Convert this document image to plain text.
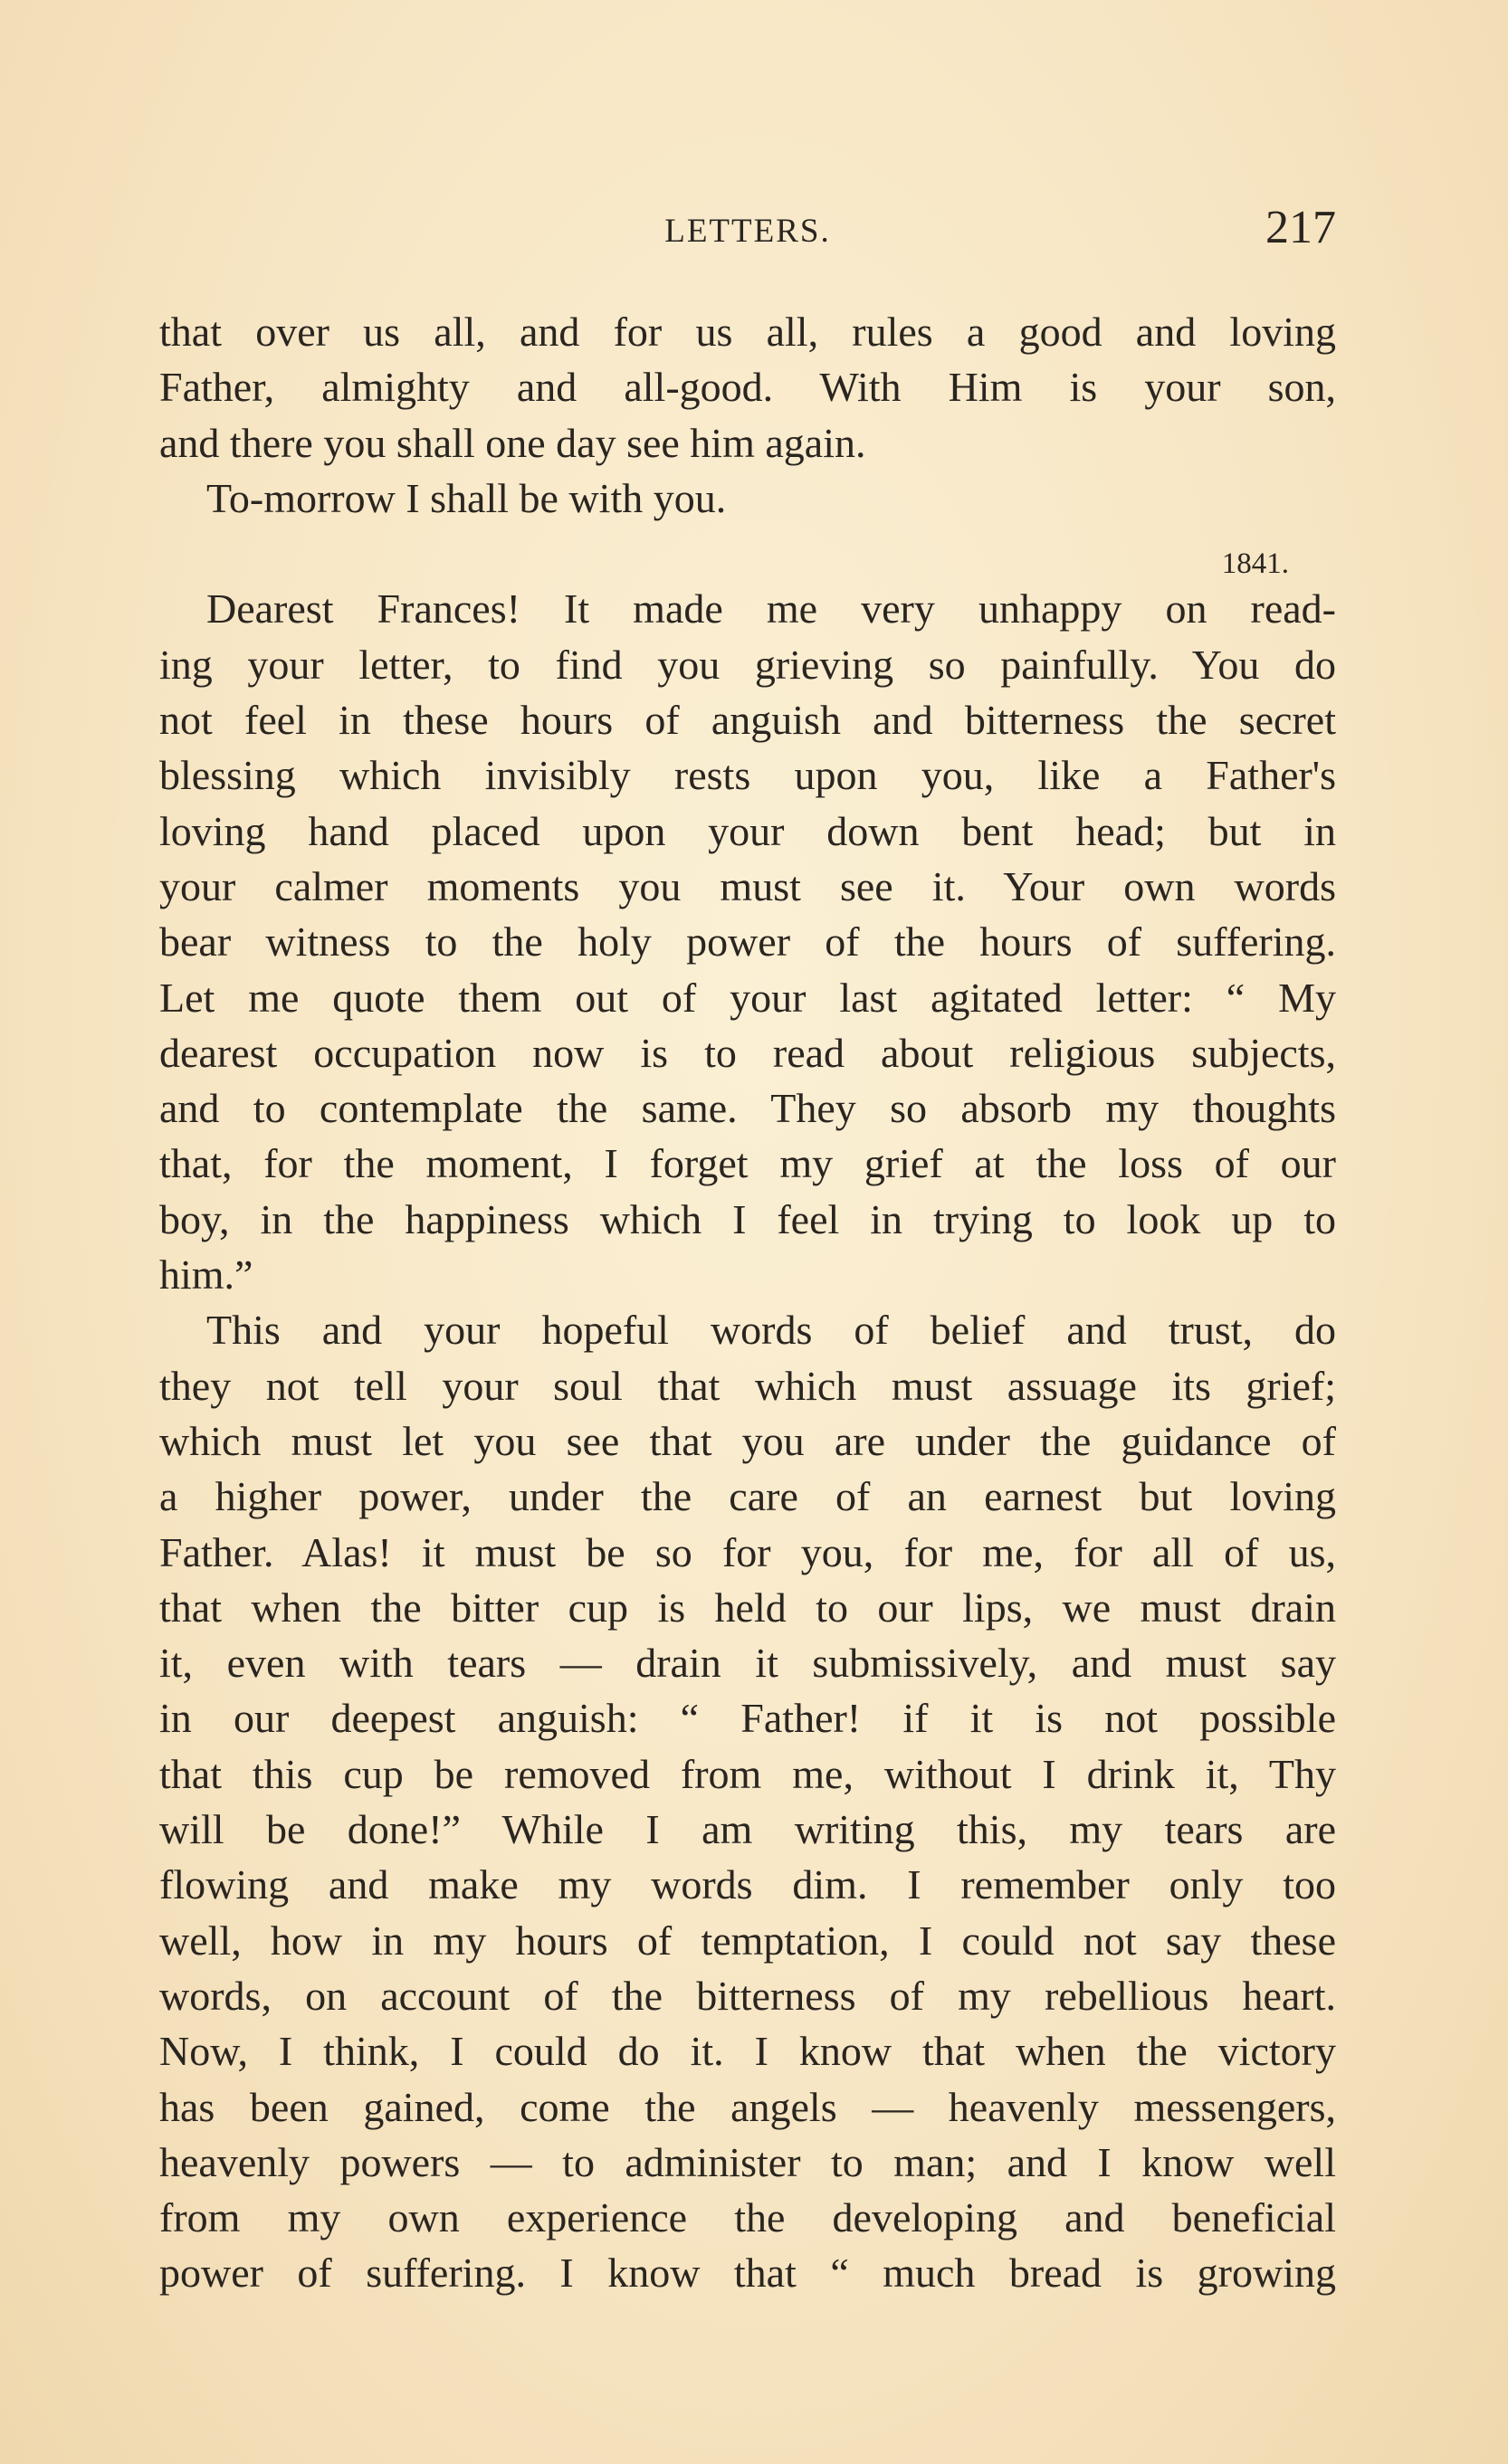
LETTERS.	217
that over us all, and for us all, rules a good and loving
Father, almighty and all-good. With Him is your son,
and there you shall one day see him again.
To-morrow I shall be with you.
1841.
Dearest Frances! It made me very unhappy on read-
ing your letter, to find you grieving so painfully. You do
not feel in these hours of anguish and bitterness the secret
blessing which invisibly rests upon you, like a Father's
loving hand placed upon your down bent head; but in
your calmer moments you must see it. Your own words
bear witness to the holy power of the hours of suffering.
Let me quote them out of your last agitated letter: “ My
dearest occupation now is to read about religious subjects,
and to contemplate the same. They so absorb my thoughts
that, for the moment, I forget my grief at the loss of our
boy, in the happiness which I feel in trying to look up to
him.”
This and your hopeful words of belief and trust, do
they not tell your soul that which must assuage its grief;
which must let you see that you are under the guidance of
a higher power, under the care of an earnest but loving
Father. Alas! it must be so for you, for me, for all of us,
that when the bitter cup is held to our lips, we must drain
it, even with tears — drain it submissively, and must say
in our deepest anguish: “ Father! if it is not possible
that this cup be removed from me, without I drink it, Thy
will be done!” While I am writing this, my tears are
flowing and make my words dim. I remember only too
well, how in my hours of temptation, I could not say these
words, on account of the bitterness of my rebellious heart.
Now, I think, I could do it. I know that when the victory
has been gained, come the angels — heavenly messengers,
heavenly powers — to administer to man; and I know well
from my own experience the developing and beneficial
power of suffering. I know that “ much bread is growing
